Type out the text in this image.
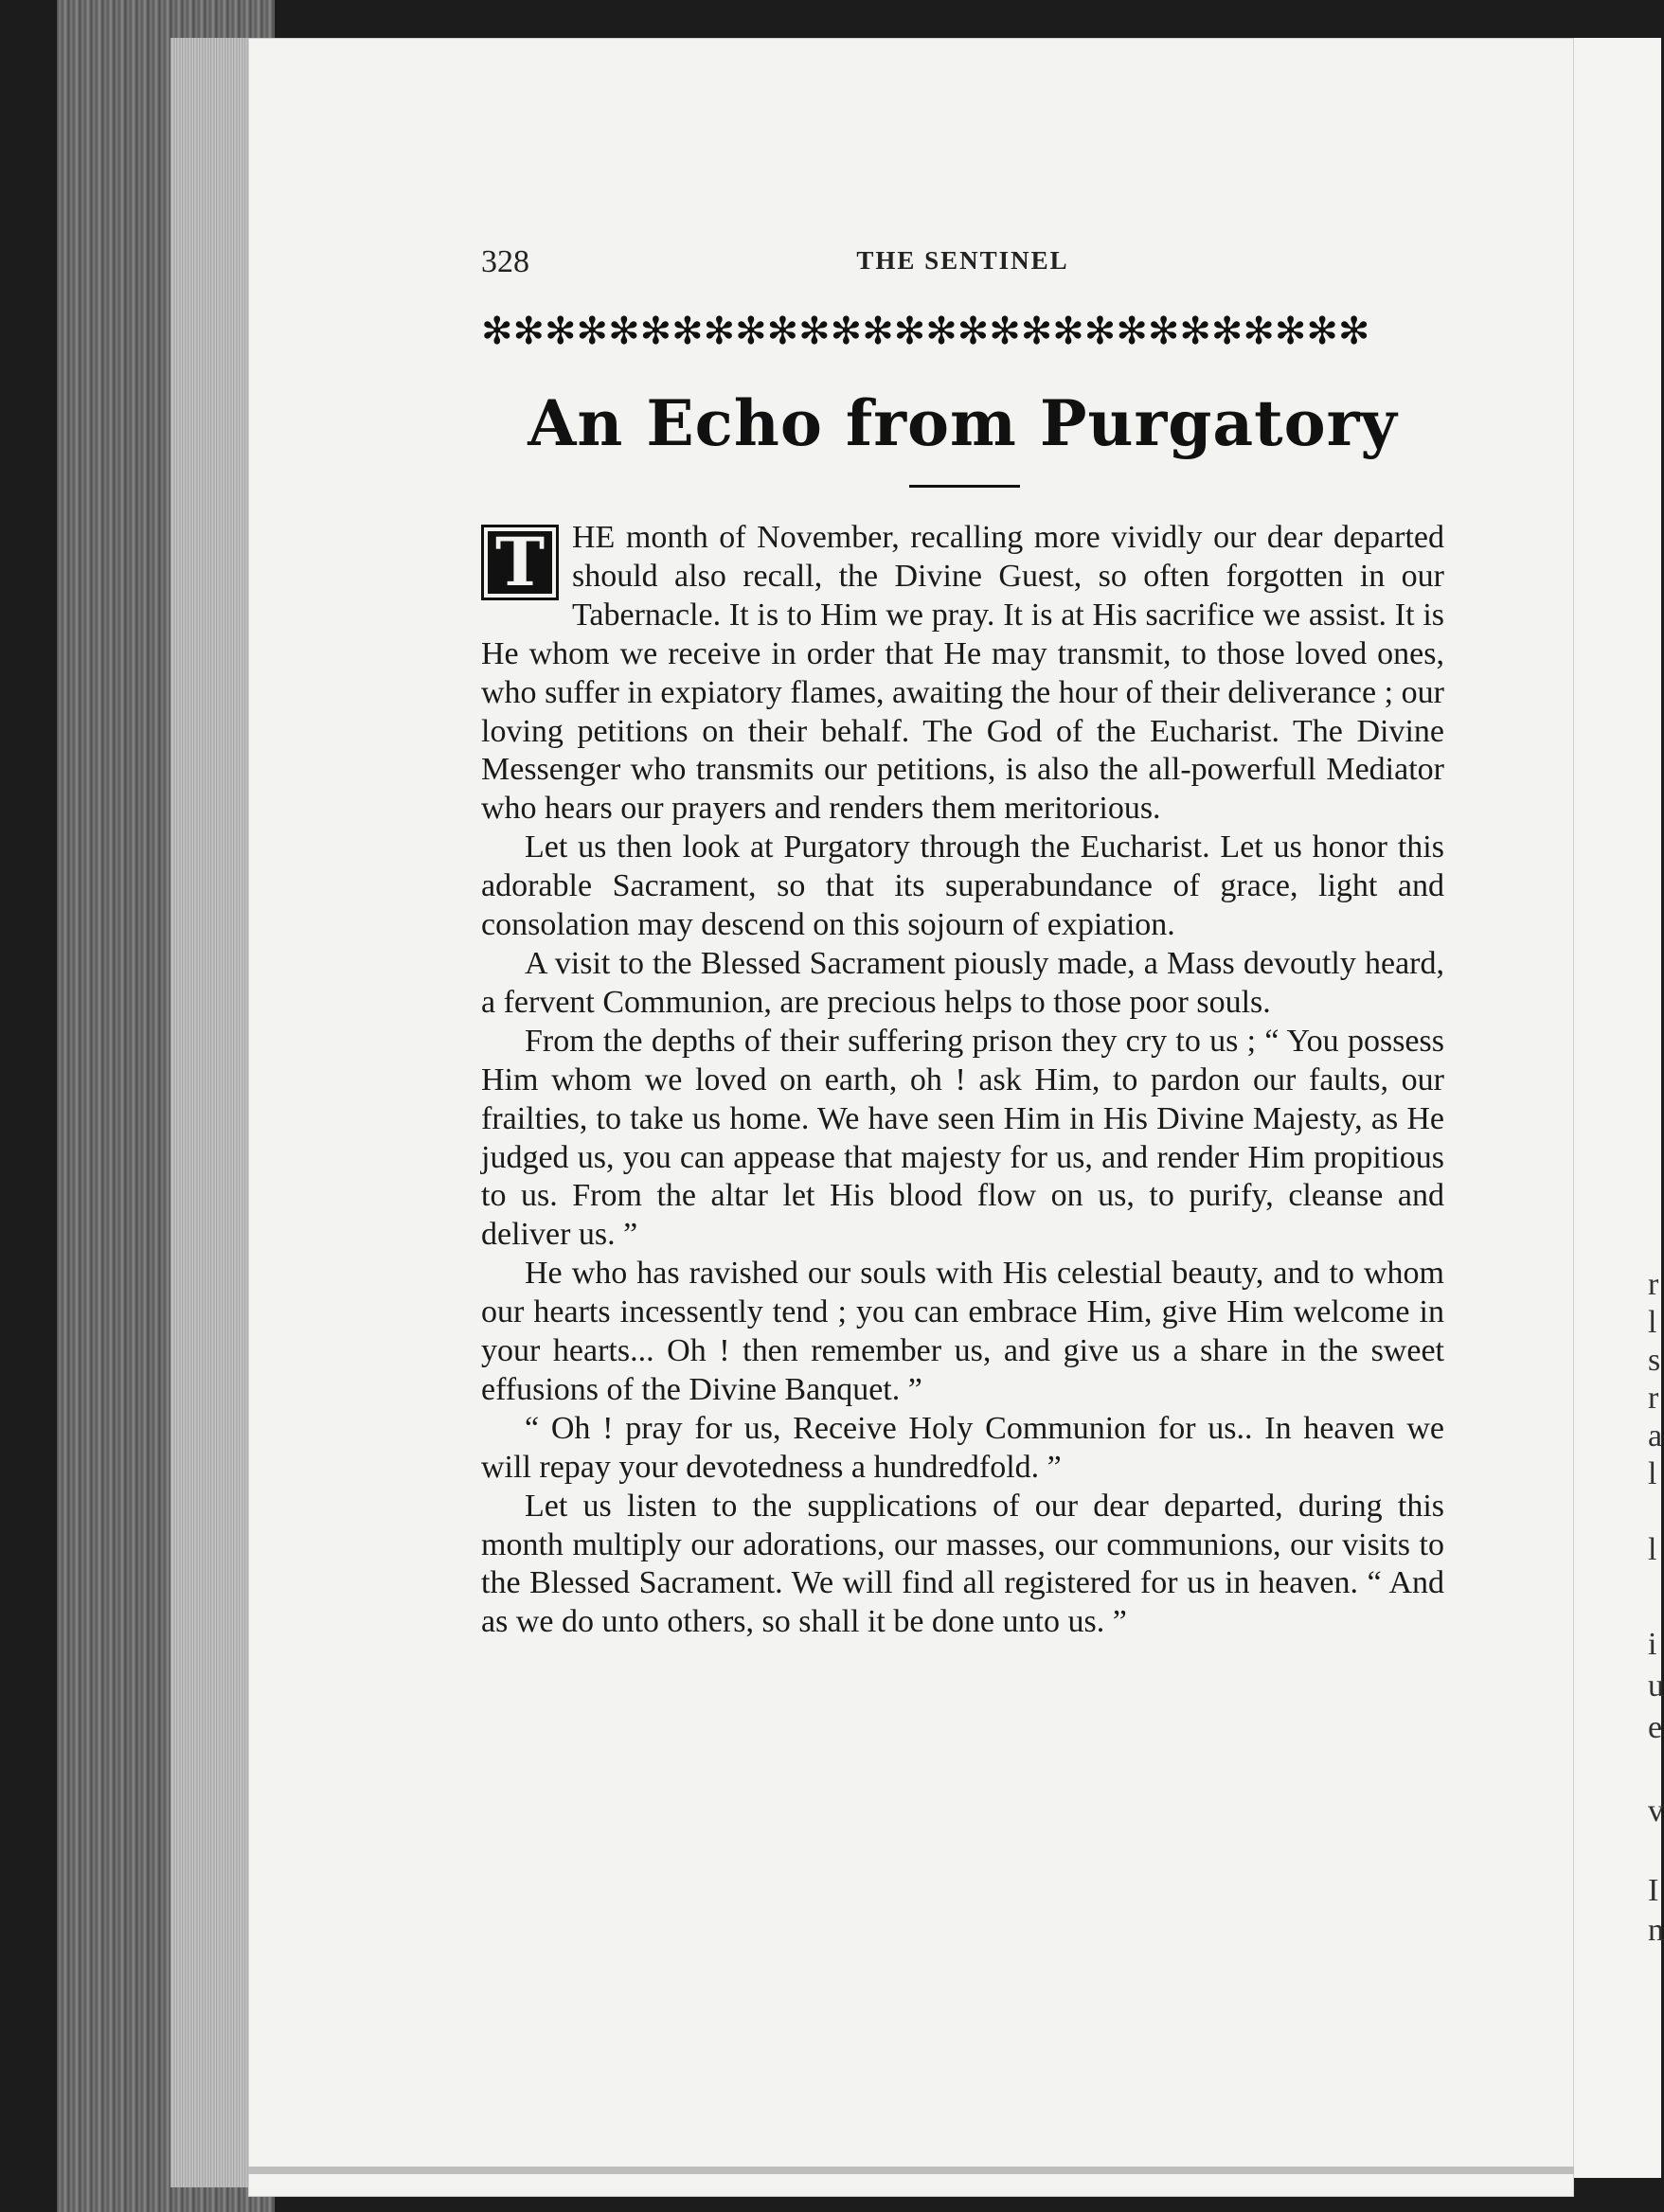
r
l
s
r
a
l
l
i
u
e
v
I
n
328	THE SENTINEL
✻✻✻✻✻✻✻✻✻✻✻✻✻✻✻✻✻✻✻✻✻✻✻✻✻✻✻✻
An Echo from Purgatory

T HE month of November, recalling more vividly our dear departed should also recall, the Divine Guest, so often forgotten in our Tabernacle. It is to Him we pray. It is at His sacrifice we assist. It is He whom we receive in order that He may transmit, to those loved ones, who suffer in expiatory flames, awaiting the hour of their deliverance ; our loving petitions on their behalf. The God of the Eucharist. The Divine Messenger who transmits our petitions, is also the all-powerfull Mediator who hears our prayers and renders them meritorious.

Let us then look at Purgatory through the Eucharist. Let us honor this adorable Sacrament, so that its superabundance of grace, light and consolation may descend on this sojourn of expiation.

A visit to the Blessed Sacrament piously made, a Mass devoutly heard, a fervent Communion, are precious helps to those poor souls.

From the depths of their suffering prison they cry to us ; “ You possess Him whom we loved on earth, oh ! ask Him, to pardon our faults, our frailties, to take us home. We have seen Him in His Divine Majesty, as He judged us, you can appease that majesty for us, and render Him propitious to us. From the altar let His blood flow on us, to purify, cleanse and deliver us. ”

He who has ravished our souls with His celestial beauty, and to whom our hearts incessently tend ; you can embrace Him, give Him welcome in your hearts... Oh ! then remember us, and give us a share in the sweet effusions of the Divine Banquet. ”

“ Oh ! pray for us, Receive Holy Communion for us.. In heaven we will repay your devotedness a hundredfold. ”

Let us listen to the supplications of our dear departed, during this month multiply our adorations, our masses, our communions, our visits to the Blessed Sacrament. We will find all registered for us in heaven. “ And as we do unto others, so shall it be done unto us. ”
